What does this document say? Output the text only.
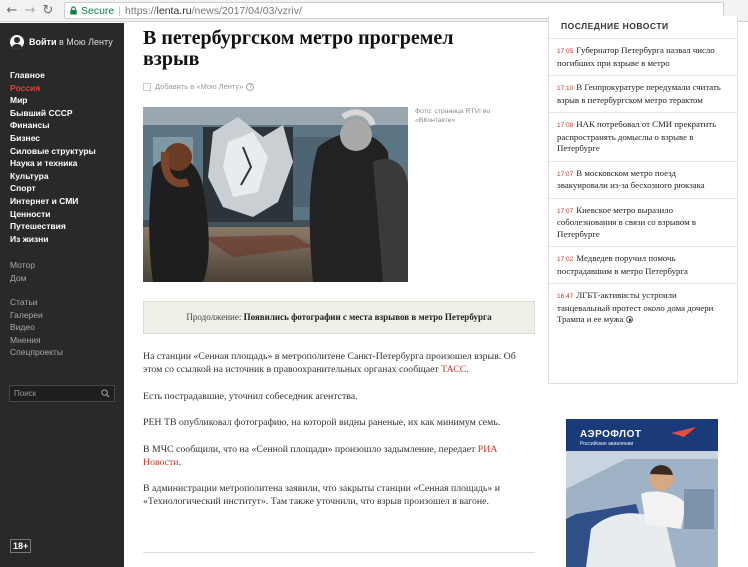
← → ↻	Secure | https://lenta.ru/news/2017/04/03/vzriv/
Войти в Мою Ленту
Главное
Россия
Мир
Бывший СССР
Финансы
Бизнес
Силовые структуры
Наука и техника
Культура
Спорт
Интернет и СМИ
Ценности
Путешествия
Из жизни
Мотор
Дом
Статьи
Галереи
Видео
Мнения
Спецпроекты
Поиск
18+
В петербургском метро прогремел взрыв
Добавить в «Мою Ленту» ?

Фото: страница RTVI во «ВКонтакте»

Продолжение: Появились фотографии с места взрывов в метро Петербурга

На станции «Сенная площадь» в метрополитене Санкт-Петербурга произошел взрыв. Об этом со ссылкой на источник в правоохранительных органах сообщает ТАСС.

Есть пострадавшие, уточнил собеседник агентства.

РЕН ТВ опубликовал фотографию, на которой видны раненые, их как минимум семь.

В МЧС сообщили, что на «Сенной площади» произошло задымление, передает РИА Новости.

В администрации метрополитена заявили, что закрыты станции «Сенная площадь» и «Технологический институт». Там также уточнили, что взрыв произошел в вагоне.

ПОСЛЕДНИЕ НОВОСТИ
17:05 Губернатор Петербурга назвал число погибших при взрыве в метро
17:10 В Генпрокуратуре передумали считать взрыв в петербургском метро терактом
17:08 НАК потребовал от СМИ прекратить распространять домыслы о взрыве в Петербурге
17:07 В московском метро поезд эвакуировали из-за бесхозного рюкзака
17:07 Киевское метро выразило соболезнования в связи со взрывом в Петербурге
17:02 Медведев поручил помочь пострадавшим в метро Петербурга
16:47 ЛГБТ-активисты устроили танцевальный протест около дома дочери Трампа и ее мужа
АЭРОФЛОТ
Российские авиалинии
